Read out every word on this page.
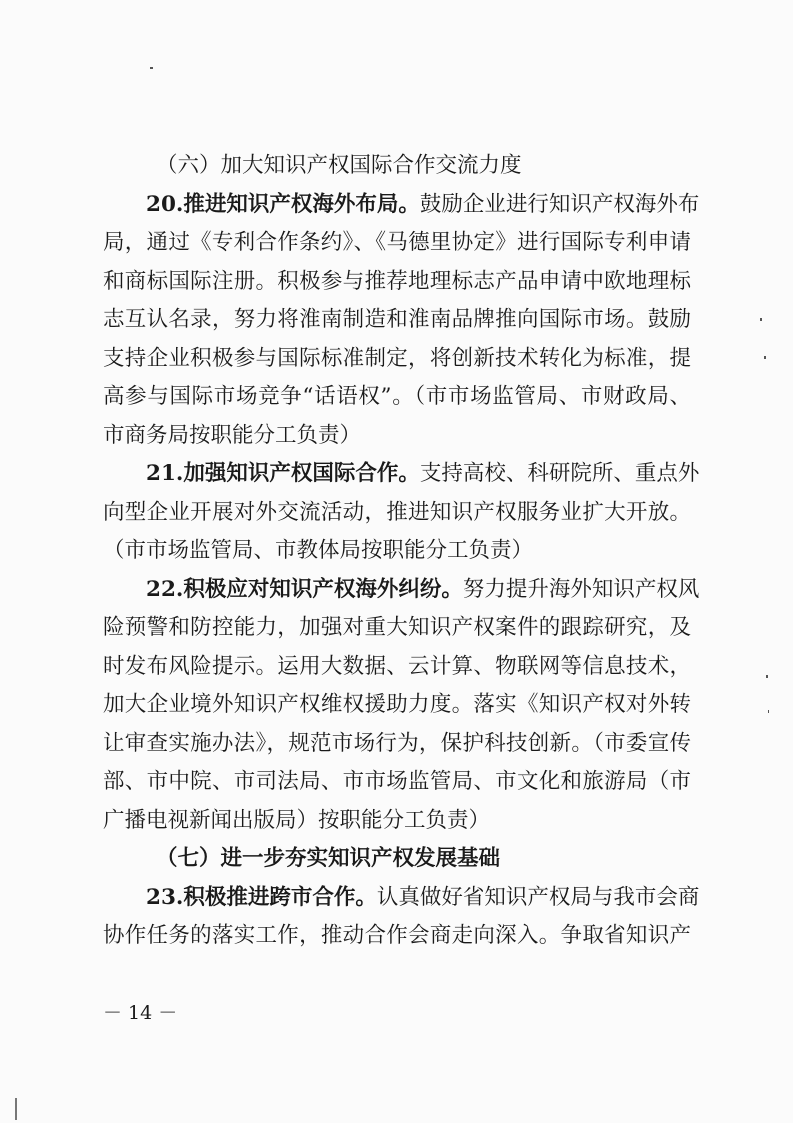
（六）加大知识产权国际合作交流力度
20.推进知识产权海外布局。鼓励企业进行知识产权海外布
局，通过《专利合作条约》、《马德里协定》进行国际专利申请
和商标国际注册。积极参与推荐地理标志产品申请中欧地理标
志互认名录，努力将淮南制造和淮南品牌推向国际市场。鼓励
支持企业积极参与国际标准制定，将创新技术转化为标准，提
高参与国际市场竞争“话语权”。（市市场监管局、市财政局、
市商务局按职能分工负责）
21.加强知识产权国际合作。支持高校、科研院所、重点外
向型企业开展对外交流活动，推进知识产权服务业扩大开放。
（市市场监管局、市教体局按职能分工负责）
22.积极应对知识产权海外纠纷。努力提升海外知识产权风
险预警和防控能力，加强对重大知识产权案件的跟踪研究，及
时发布风险提示。运用大数据、云计算、物联网等信息技术，
加大企业境外知识产权维权援助力度。落实《知识产权对外转
让审查实施办法》，规范市场行为，保护科技创新。（市委宣传
部、市中院、市司法局、市市场监管局、市文化和旅游局（市
广播电视新闻出版局）按职能分工负责）
（七）进一步夯实知识产权发展基础
23.积极推进跨市合作。认真做好省知识产权局与我市会商
协作任务的落实工作，推动合作会商走向深入。争取省知识产
－ 14 －
